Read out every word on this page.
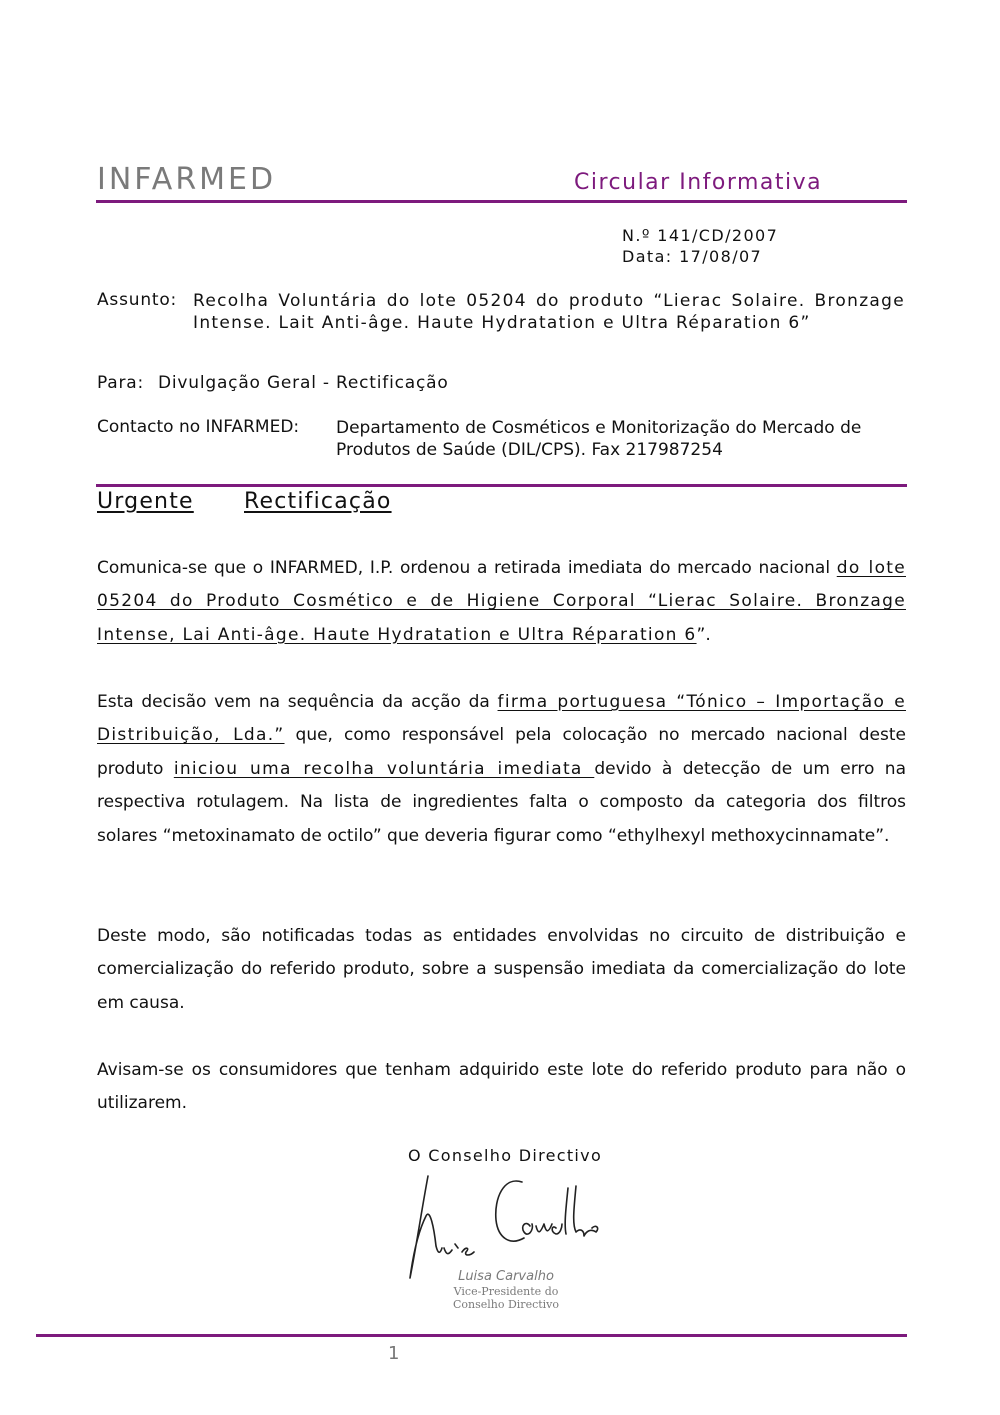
INFARMED	Circular Informativa
N.º 141/CD/2007
Data: 17/08/07
Assunto: Recolha Voluntária do lote 05204 do produto “Lierac Solaire. Bronzage Intense. Lait Anti-âge. Haute Hydratation e Ultra Réparation 6”
Para: Divulgação Geral - Rectificação
Contacto no INFARMED: Departamento de Cosméticos e Monitorização do Mercado de Produtos de Saúde (DIL/CPS). Fax 217987254
Urgente Rectificação
Comunica-se que o INFARMED, I.P. ordenou a retirada imediata do mercado nacional do lote 05204 do Produto Cosmético e de Higiene Corporal “Lierac Solaire. Bronzage Intense, Lai Anti-âge. Haute Hydratation e Ultra Réparation 6”.
Esta decisão vem na sequência da acção da firma portuguesa “Tónico – Importação e Distribuição, Lda.” que, como responsável pela colocação no mercado nacional deste produto iniciou uma recolha voluntária imediata devido à detecção de um erro na respectiva rotulagem. Na lista de ingredientes falta o composto da categoria dos filtros solares “metoxinamato de octilo” que deveria figurar como “ethylhexyl methoxycinnamate”.
Deste modo, são notificadas todas as entidades envolvidas no circuito de distribuição e comercialização do referido produto, sobre a suspensão imediata da comercialização do lote em causa.
Avisam-se os consumidores que tenham adquirido este lote do referido produto para não o utilizarem.
O Conselho Directivo
Luisa Carvalho
Vice-Presidente do
Conselho Directivo
1
